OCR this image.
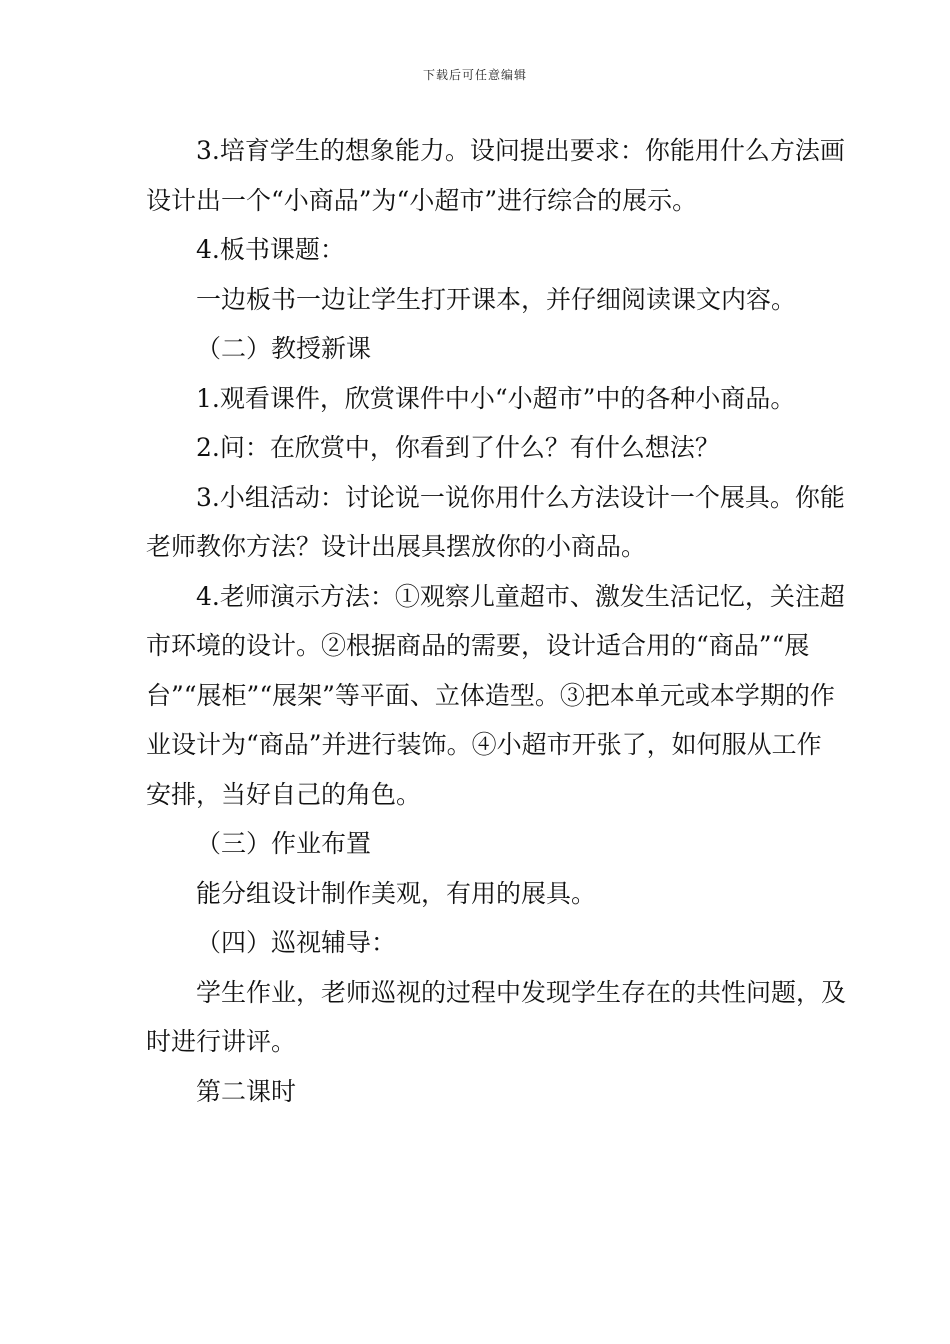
下载后可任意编辑

3.培育学生的想象能力。设问提出要求：你能用什么方法画设计出一个“小商品”为“小超市”进行综合的展示。

4.板书课题：

一边板书一边让学生打开课本，并仔细阅读课文内容。

（二）教授新课

1.观看课件，欣赏课件中小“小超市”中的各种小商品。

2.问：在欣赏中，你看到了什么？有什么想法？

3.小组活动：讨论说一说你用什么方法设计一个展具。你能老师教你方法？设计出展具摆放你的小商品。

4.老师演示方法：①观察儿童超市、激发生活记忆，关注超市环境的设计。②根据商品的需要，设计适合用的“商品”“展台”“展柜”“展架”等平面、立体造型。③把本单元或本学期的作业设计为“商品”并进行装饰。④小超市开张了，如何服从工作安排，当好自己的角色。

（三）作业布置

能分组设计制作美观，有用的展具。

（四）巡视辅导：

学生作业，老师巡视的过程中发现学生存在的共性问题，及时进行讲评。

第二课时
